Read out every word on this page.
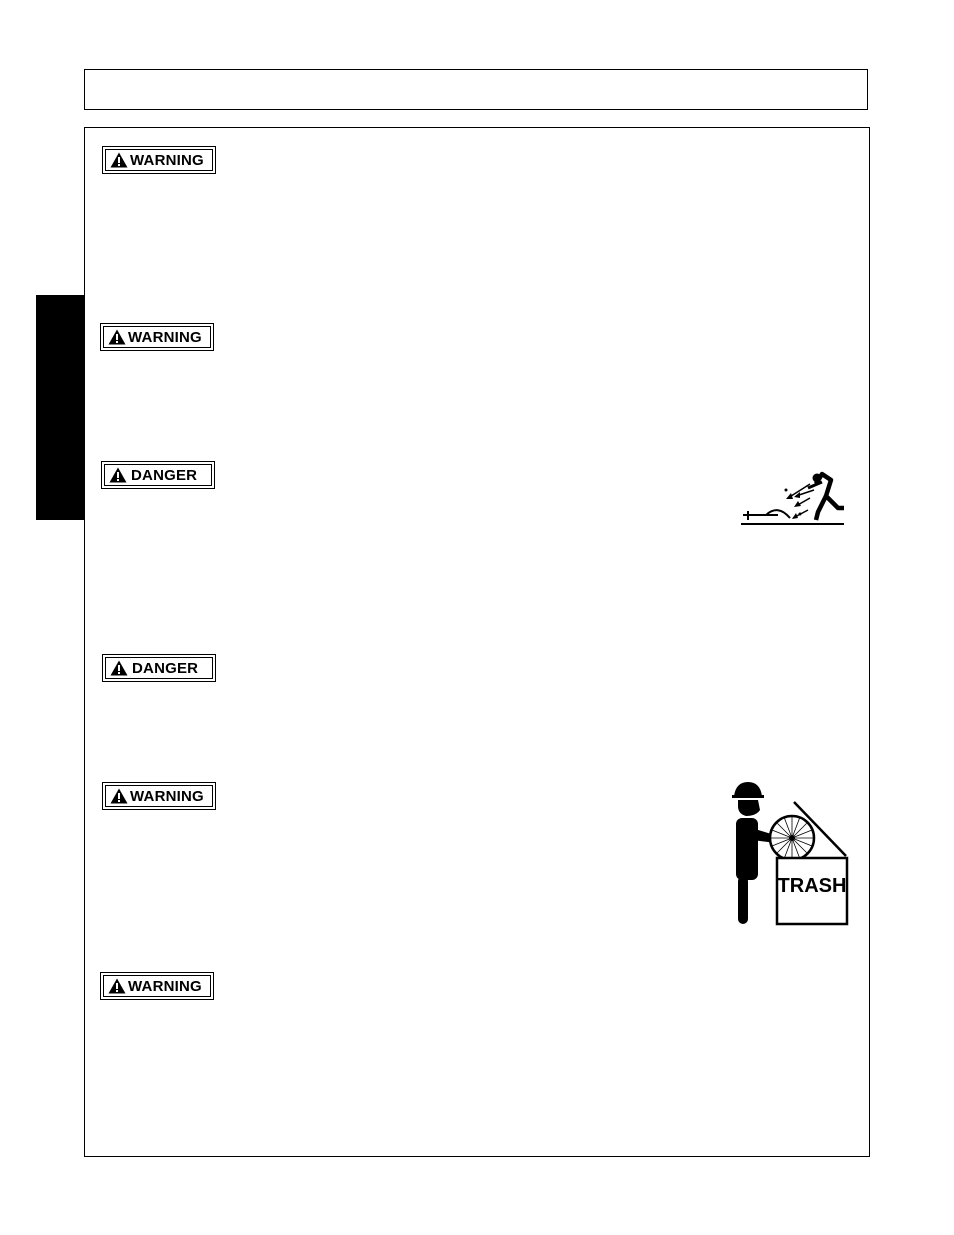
WARNING
WARNING
DANGER
DANGER
WARNING
WARNING
TRASH
